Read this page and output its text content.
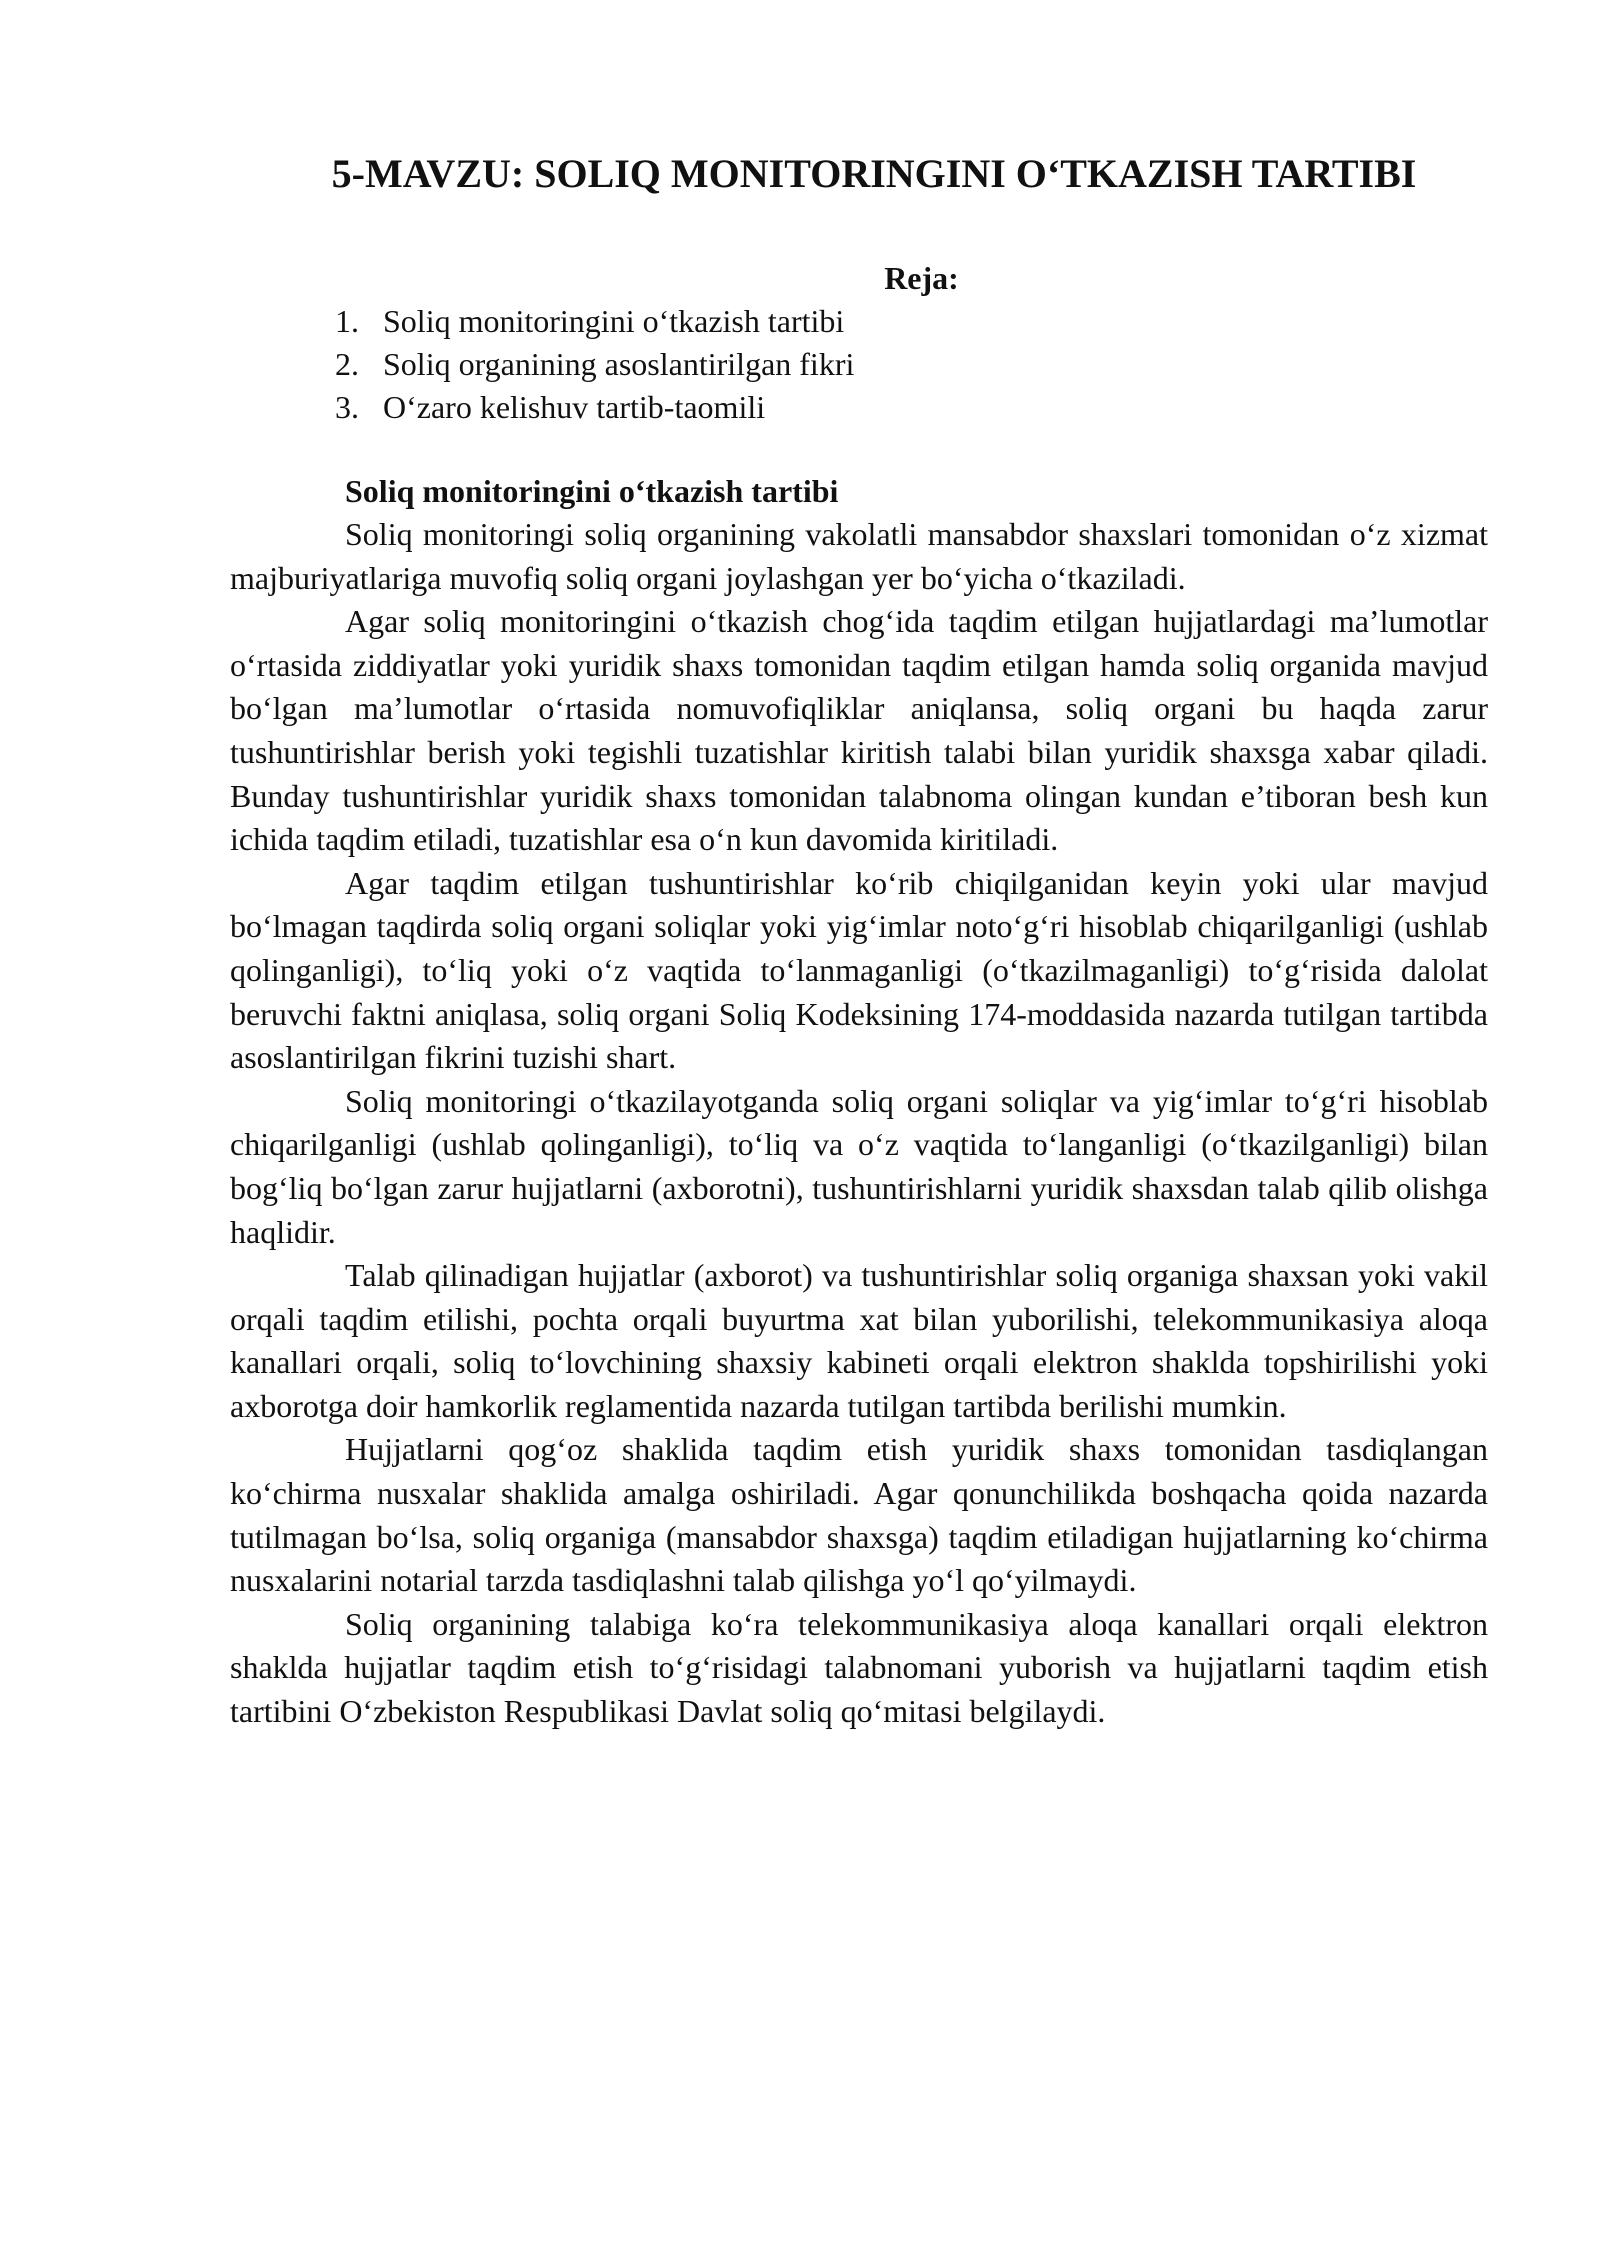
5-MAVZU: SOLIQ MONITORINGINI O‘TKAZISH TARTIBI
Reja:
1. Soliq monitoringini o‘tkazish tartibi
2. Soliq organining asoslantirilgan fikri
3. O‘zaro kelishuv tartib-taomili
Soliq monitoringini o‘tkazish tartibi

Soliq monitoringi soliq organining vakolatli mansabdor shaxslari tomonidan o‘z xizmat majburiyatlariga muvofiq soliq organi joylashgan yer bo‘yicha o‘tkaziladi.

Agar soliq monitoringini o‘tkazish chog‘ida taqdim etilgan hujjatlardagi ma’lumotlar o‘rtasida ziddiyatlar yoki yuridik shaxs tomonidan taqdim etilgan hamda soliq organida mavjud bo‘lgan ma’lumotlar o‘rtasida nomuvofiqliklar aniqlansa, soliq organi bu haqda zarur tushuntirishlar berish yoki tegishli tuzatishlar kiritish talabi bilan yuridik shaxsga xabar qiladi. Bunday tushuntirishlar yuridik shaxs tomonidan talabnoma olingan kundan e’tiboran besh kun ichida taqdim etiladi, tuzatishlar esa o‘n kun davomida kiritiladi.

Agar taqdim etilgan tushuntirishlar ko‘rib chiqilganidan keyin yoki ular mavjud bo‘lmagan taqdirda soliq organi soliqlar yoki yig‘imlar noto‘g‘ri hisoblab chiqarilganligi (ushlab qolinganligi), to‘liq yoki o‘z vaqtida to‘lanmaganligi (o‘tkazilmaganligi) to‘g‘risida dalolat beruvchi faktni aniqlasa, soliq organi Soliq Kodeksining 174-moddasida nazarda tutilgan tartibda asoslantirilgan fikrini tuzishi shart.

Soliq monitoringi o‘tkazilayotganda soliq organi soliqlar va yig‘imlar to‘g‘ri hisoblab chiqarilganligi (ushlab qolinganligi), to‘liq va o‘z vaqtida to‘langanligi (o‘tkazilganligi) bilan bog‘liq bo‘lgan zarur hujjatlarni (axborotni), tushuntirishlarni yuridik shaxsdan talab qilib olishga haqlidir.

Talab qilinadigan hujjatlar (axborot) va tushuntirishlar soliq organiga shaxsan yoki vakil orqali taqdim etilishi, pochta orqali buyurtma xat bilan yuborilishi, telekommunikasiya aloqa kanallari orqali, soliq to‘lovchining shaxsiy kabineti orqali elektron shaklda topshirilishi yoki axborotga doir hamkorlik reglamentida nazarda tutilgan tartibda berilishi mumkin.

Hujjatlarni qog‘oz shaklida taqdim etish yuridik shaxs tomonidan tasdiqlangan ko‘chirma nusxalar shaklida amalga oshiriladi. Agar qonunchilikda boshqacha qoida nazarda tutilmagan bo‘lsa, soliq organiga (mansabdor shaxsga) taqdim etiladigan hujjatlarning ko‘chirma nusxalarini notarial tarzda tasdiqlashni talab qilishga yo‘l qo‘yilmaydi.

Soliq organining talabiga ko‘ra telekommunikasiya aloqa kanallari orqali elektron shaklda hujjatlar taqdim etish to‘g‘risidagi talabnomani yuborish va hujjatlarni taqdim etish tartibini O‘zbekiston Respublikasi Davlat soliq qo‘mitasi belgilaydi.
